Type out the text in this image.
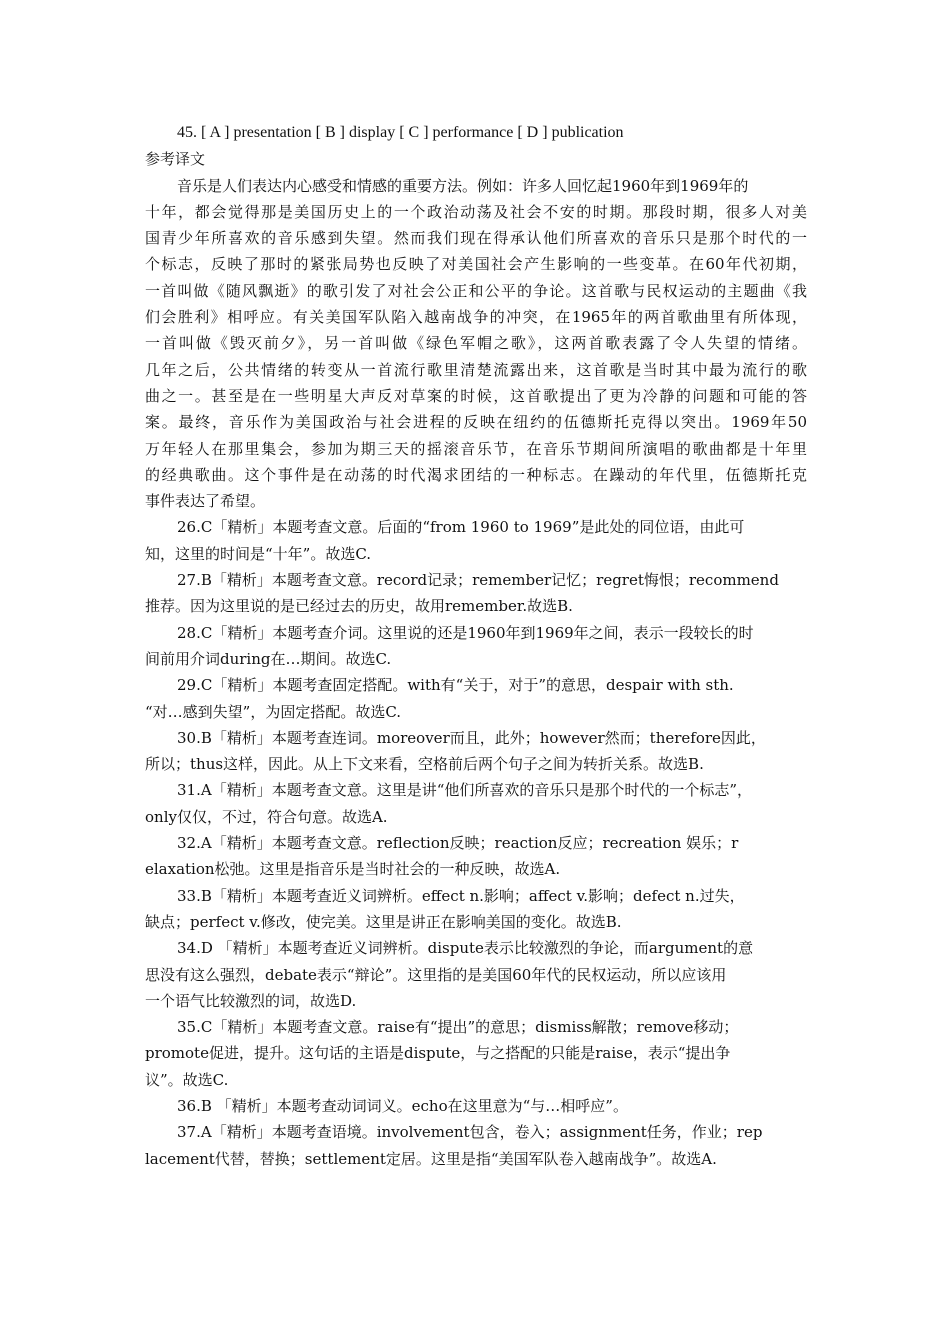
45. [ A ] presentation [ B ] display [ C ] performance [ D ] publication
参考译文
音乐是人们表达内心感受和情感的重要方法。例如：许多人回忆起1960年到1969年的
十年，都会觉得那是美国历史上的一个政治动荡及社会不安的时期。那段时期，很多人对美
国青少年所喜欢的音乐感到失望。然而我们现在得承认他们所喜欢的音乐只是那个时代的一
个标志，反映了那时的紧张局势也反映了对美国社会产生影响的一些变革。在60年代初期，
一首叫做《随风飘逝》的歌引发了对社会公正和公平的争论。这首歌与民权运动的主题曲《我
们会胜利》相呼应。有关美国军队陷入越南战争的冲突，在1965年的两首歌曲里有所体现，
一首叫做《毁灭前夕》，另一首叫做《绿色军帽之歌》，这两首歌表露了令人失望的情绪。
几年之后，公共情绪的转变从一首流行歌里清楚流露出来，这首歌是当时其中最为流行的歌
曲之一。甚至是在一些明星大声反对草案的时候，这首歌提出了更为冷静的问题和可能的答
案。最终，音乐作为美国政治与社会进程的反映在纽约的伍德斯托克得以突出。1969年50
万年轻人在那里集会，参加为期三天的摇滚音乐节，在音乐节期间所演唱的歌曲都是十年里
的经典歌曲。这个事件是在动荡的时代渴求团结的一种标志。在躁动的年代里，伍德斯托克
事件表达了希望。
26.C「精析」本题考查文意。后面的“from 1960 to 1969”是此处的同位语，由此可
知，这里的时间是“十年”。故选C.
27.B「精析」本题考查文意。record记录；remember记忆；regret悔恨；recommend
推荐。因为这里说的是已经过去的历史，故用remember.故选B.
28.C「精析」本题考查介词。这里说的还是1960年到1969年之间，表示一段较长的时
间前用介词during在…期间。故选C.
29.C「精析」本题考查固定搭配。with有“关于，对于”的意思，despair with sth.
“对…感到失望”，为固定搭配。故选C.
30.B「精析」本题考查连词。moreover而且，此外；however然而；therefore因此，
所以；thus这样，因此。从上下文来看，空格前后两个句子之间为转折关系。故选B.
31.A「精析」本题考查文意。这里是讲“他们所喜欢的音乐只是那个时代的一个标志”，
only仅仅，不过，符合句意。故选A.
32.A「精析」本题考查文意。reflection反映；reaction反应；recreation 娱乐；r
elaxation松弛。这里是指音乐是当时社会的一种反映，故选A.
33.B「精析」本题考查近义词辨析。effect n.影响；affect v.影响；defect n.过失，
缺点；perfect v.修改，使完美。这里是讲正在影响美国的变化。故选B.
34.D 「精析」本题考查近义词辨析。dispute表示比较激烈的争论，而argument的意
思没有这么强烈，debate表示“辩论”。这里指的是美国60年代的民权运动，所以应该用
一个语气比较激烈的词，故选D.
35.C「精析」本题考查文意。raise有“提出”的意思；dismiss解散；remove移动；
promote促进，提升。这句话的主语是dispute，与之搭配的只能是raise，表示“提出争
议”。故选C.
36.B 「精析」本题考查动词词义。echo在这里意为“与…相呼应”。
37.A「精析」本题考查语境。involvement包含，卷入；assignment任务，作业；rep
lacement代替，替换；settlement定居。这里是指“美国军队卷入越南战争”。故选A.
